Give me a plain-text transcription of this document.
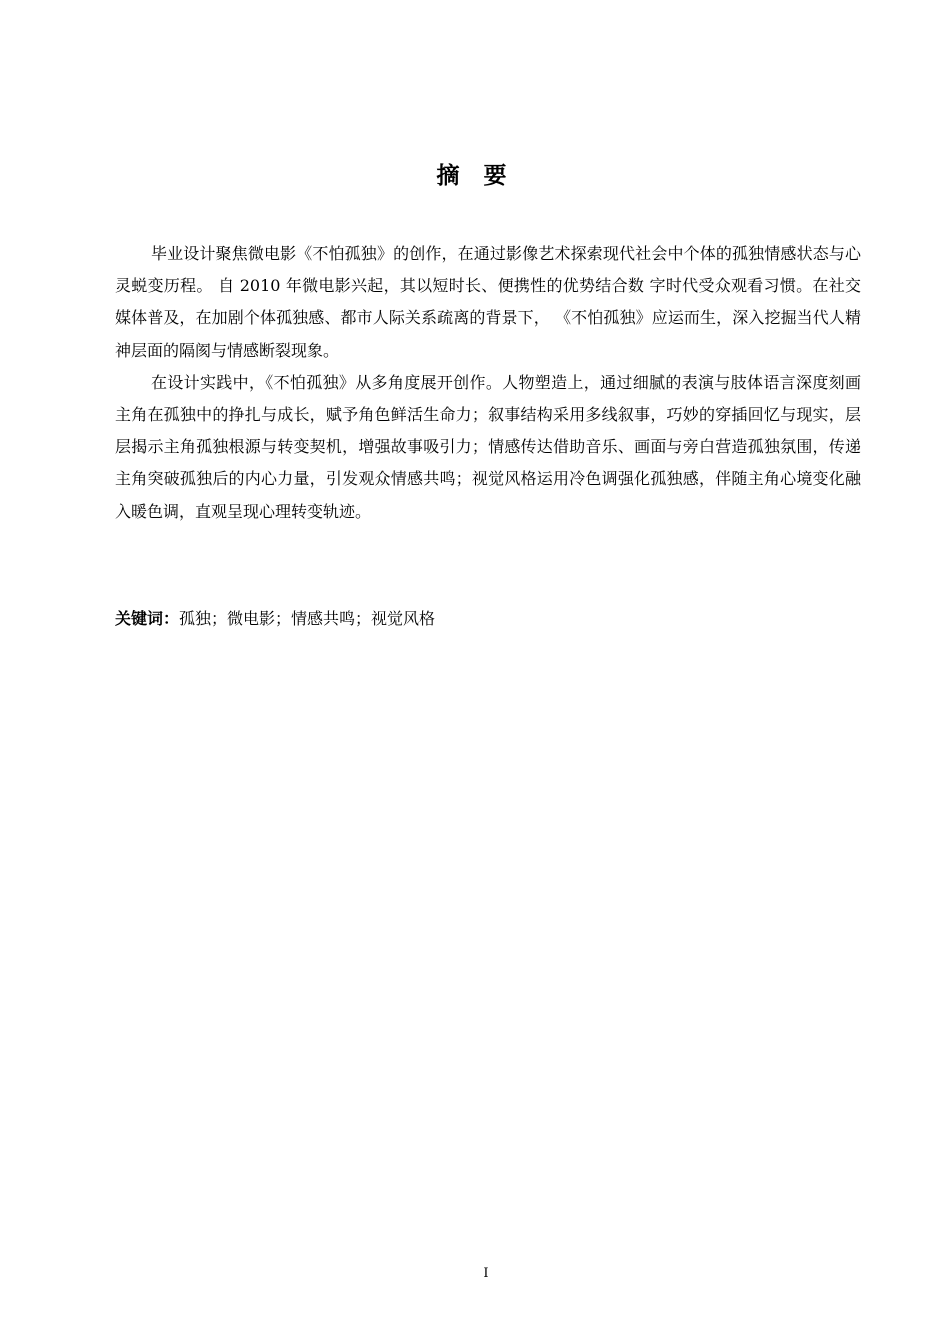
摘要

毕业设计聚焦微电影《不怕孤独》的创作，在通过影像艺术探索现代社会中个体的孤独情感状态与心灵蜕变历程。 自 2010 年微电影兴起，其以短时长、便携性的优势结合数 字时代受众观看习惯。在社交媒体普及，在加剧个体孤独感、都市人际关系疏离的背景下， 《不怕孤独》应运而生，深入挖掘当代人精神层面的隔阂与情感断裂现象。

在设计实践中，《不怕孤独》从多角度展开创作。人物塑造上，通过细腻的表演与肢体语言深度刻画主角在孤独中的挣扎与成长，赋予角色鲜活生命力；叙事结构采用多线叙事，巧妙的穿插回忆与现实，层层揭示主角孤独根源与转变契机，增强故事吸引力；情感传达借助音乐、画面与旁白营造孤独氛围，传递主角突破孤独后的内心力量，引发观众情感共鸣；视觉风格运用冷色调强化孤独感，伴随主角心境变化融入暖色调，直观呈现心理转变轨迹。

关键词：孤独；微电影；情感共鸣；视觉风格
I
